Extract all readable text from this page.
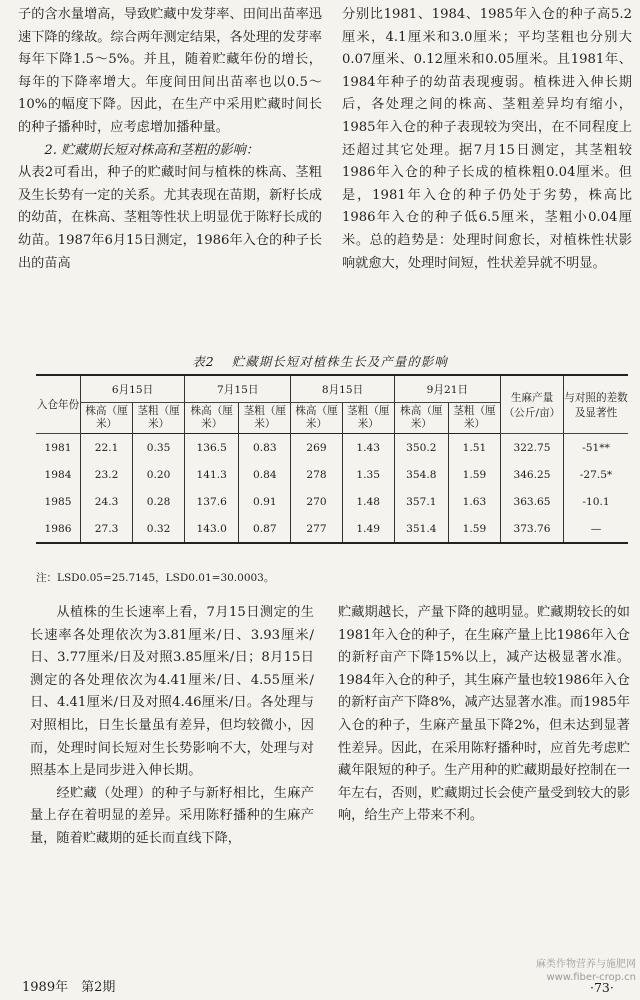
子的含水量增高，导致贮藏中发芽率、田间出苗率迅速下降的缘故。综合两年测定结果，各处理的发芽率每年下降1.5～5%。并且，随着贮藏年份的增长，每年的下降率增大。年度间田间出苗率也以0.5～10%的幅度下降。因此，在生产中采用贮藏时间长的种子播种时，应考虑增加播种量。

2. 贮藏期长短对株高和茎粗的影响：

从表2可看出，种子的贮藏时间与植株的株高、茎粗及生长势有一定的关系。尤其表现在苗期，新籽长成的幼苗，在株高、茎粗等性状上明显优于陈籽长成的幼苗。1987年6月15日测定，1986年入仓的种子长出的苗高

分别比1981、1984、1985年入仓的种子高5.2厘米，4.1厘米和3.0厘米；平均茎粗也分别大0.07厘米、0.12厘米和0.05厘米。且1981年、1984年种子的幼苗表现瘦弱。植株进入伸长期后，各处理之间的株高、茎粗差异均有缩小，1985年入仓的种子表现较为突出，在不同程度上还超过其它处理。据7月15日测定，其茎粗较1986年入仓的种子长成的植株粗0.04厘米。但是，1981年入仓的种子仍处于劣势，株高比1986年入仓的种子低6.5厘米，茎粗小0.04厘米。总的趋势是：处理时间愈长，对植株性状影响就愈大，处理时间短，性状差异就不明显。

表2 贮藏期长短对植株生长及产量的影响
入仓年份	6月15日		7月15日		8月15日		9月21日		生麻产量（公斤/亩）	与对照的差数及显著性
	株高（厘米）	茎粗（厘米）	株高（厘米）	茎粗（厘米）	株高（厘米）	茎粗（厘米）	株高（厘米）	茎粗（厘米）		
1981	22.1	0.35	136.5	0.83	269	1.43	350.2	1.51	322.75	-51**
1984	23.2	0.20	141.3	0.84	278	1.35	354.8	1.59	346.25	-27.5*
1985	24.3	0.28	137.6	0.91	270	1.48	357.1	1.63	363.65	-10.1
1986	27.3	0.32	143.0	0.87	277	1.49	351.4	1.59	373.76	—
注：LSD0.05=25.7145，LSD0.01=30.0003。

从植株的生长速率上看，7月15日测定的生长速率各处理依次为3.81厘米/日、3.93厘米/日、3.77厘米/日及对照3.85厘米/日；8月15日测定的各处理依次为4.41厘米/日、4.55厘米/日、4.41厘米/日及对照4.46厘米/日。各处理与对照相比，日生长量虽有差异，但均较微小，因而，处理时间长短对生长势影响不大，处理与对照基本上是同步进入伸长期。

经贮藏（处理）的种子与新籽相比，生麻产量上存在着明显的差异。采用陈籽播种的生麻产量，随着贮藏期的延长而直线下降，

贮藏期越长，产量下降的越明显。贮藏期较长的如1981年入仓的种子，在生麻产量上比1986年入仓的新籽亩产下降15%以上，减产达极显著水准。1984年入仓的种子，其生麻产量也较1986年入仓的新籽亩产下降8%，减产达显著水准。而1985年入仓的种子，生麻产量虽下降2%，但未达到显著性差异。因此，在采用陈籽播种时，应首先考虑贮藏年限短的种子。生产用种的贮藏期最好控制在一年左右，否则，贮藏期过长会使产量受到较大的影响，给生产上带来不利。

1989年　第2期	·73·
麻类作物营养与施肥网
www.fiber-crop.cn
